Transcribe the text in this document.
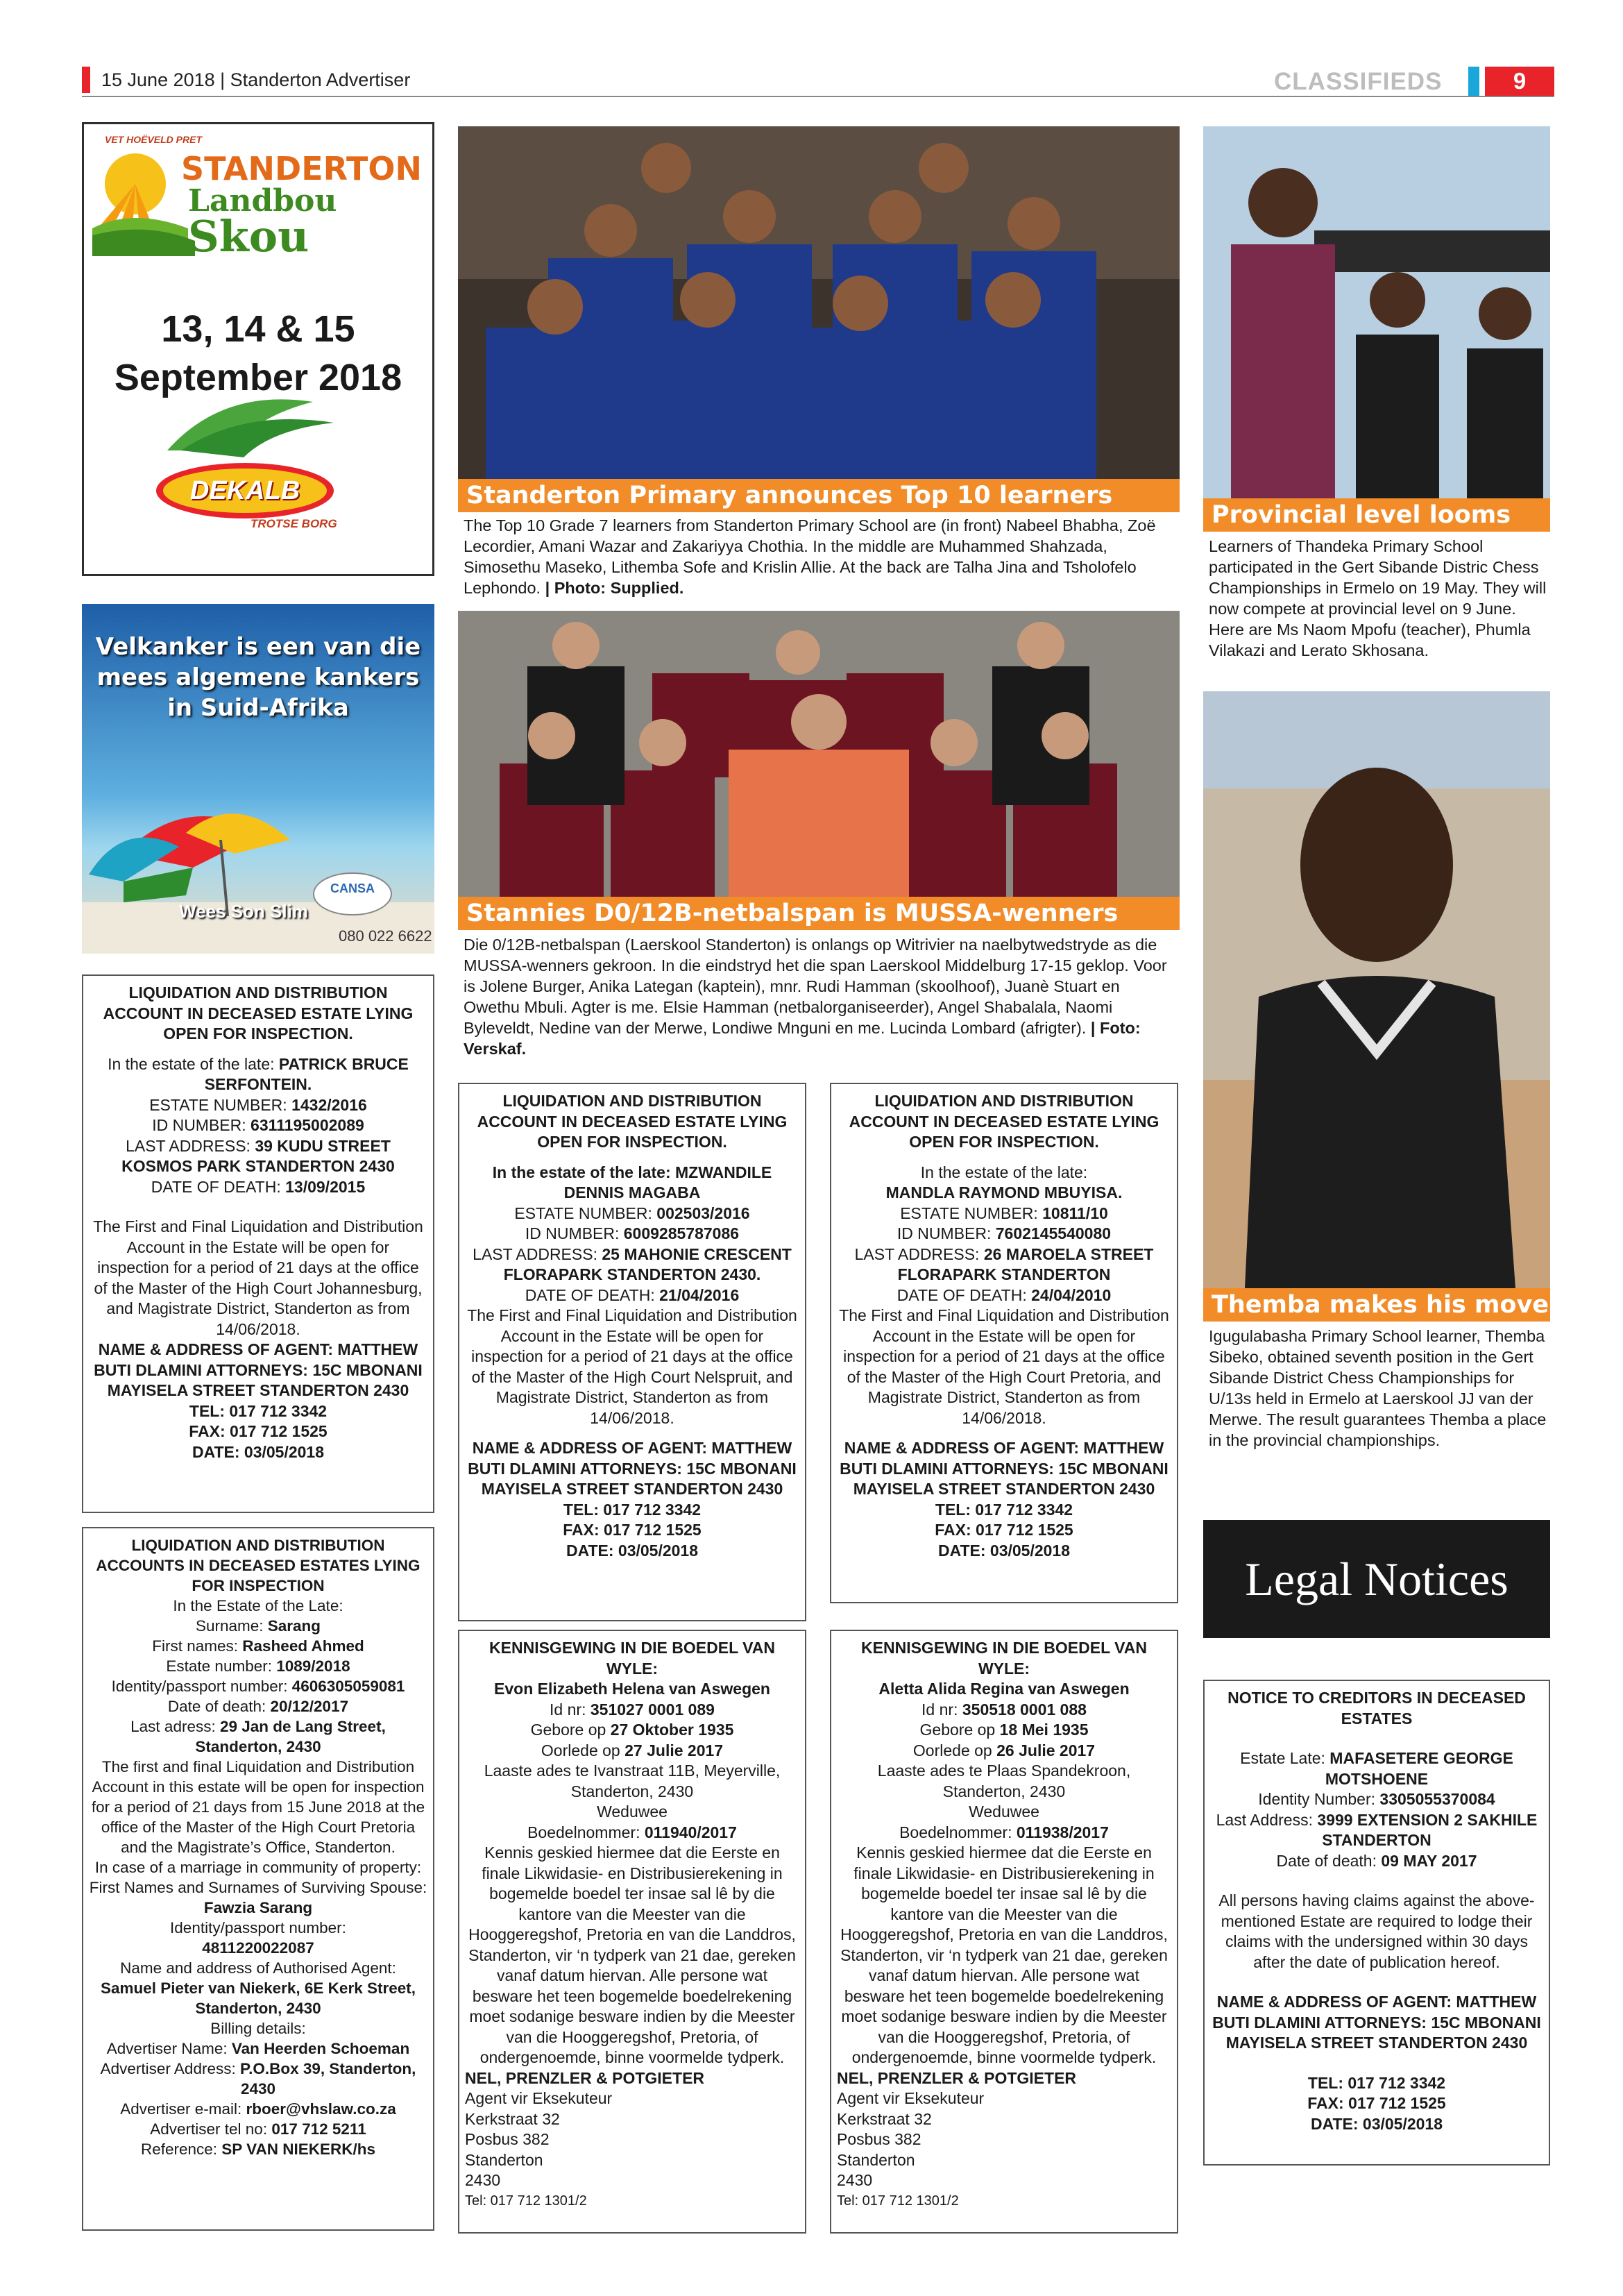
15 June 2018 | Standerton Advertiser	CLASSIFIEDS	9
VET HOËVELD PRET
STANDERTON
Landbou
Skou
13, 14 & 15
September 2018
DEKALB
TROTSE BORG
Velkanker is een van die mees algemene kankers in Suid-Afrika
Wees Son Slim
CANSA
080 022 6622
Standerton Primary announces Top 10 learners
The Top 10 Grade 7 learners from Standerton Primary School are (in front) Nabeel Bhabha, Zoë Lecordier, Amani Wazar and Zakariyya Chothia. In the middle are Muhammed Shahzada, Simosethu Maseko, Lithemba Sofe and Krislin Allie. At the back are Talha Jina and Tsholofelo Lephondo. | Photo: Supplied.
Stannies D0/12B-netbalspan is MUSSA-wenners
Die 0/12B-netbalspan (Laerskool Standerton) is onlangs op Witrivier na naelbytwedstryde as die MUSSA-wenners gekroon. In die eindstryd het die span Laerskool Middelburg 17-15 geklop. Voor is Jolene Burger, Anika Lategan (kaptein), mnr. Rudi Hamman (skoolhoof), Juanè Stuart en Owethu Mbuli. Agter is me. Elsie Hamman (netbalorganiseerder), Angel Shabalala, Naomi Byleveldt, Nedine van der Merwe, Londiwe Mnguni en me. Lucinda Lombard (afrigter). | Foto: Verskaf.
Provincial level looms
Learners of Thandeka Primary School participated in the Gert Sibande Distric Chess Championships in Ermelo on 19 May. They will now compete at provincial level on 9 June. Here are Ms Naom Mpofu (teacher), Phumla Vilakazi and Lerato Skhosana.
Themba makes his move
Igugulabasha Primary School learner, Themba Sibeko, obtained seventh position in the Gert Sibande District Chess Championships for U/13s held in Ermelo at Laerskool JJ van der Merwe. The result guarantees Themba a place in the provincial championships.
Legal Notices
LIQUIDATION AND DISTRIBUTION ACCOUNT IN DECEASED ESTATE LYING OPEN FOR INSPECTION.
In the estate of the late: PATRICK BRUCE SERFONTEIN.
ESTATE NUMBER: 1432/2016
ID NUMBER: 6311195002089
LAST ADDRESS: 39 KUDU STREET KOSMOS PARK STANDERTON 2430
DATE OF DEATH: 13/09/2015
The First and Final Liquidation and Distribution Account in the Estate will be open for inspection for a period of 21 days at the office of the Master of the High Court Johannesburg, and Magistrate District, Standerton as from 14/06/2018.
NAME & ADDRESS OF AGENT: MATTHEW BUTI DLAMINI ATTORNEYS: 15C MBONANI MAYISELA STREET STANDERTON 2430
TEL: 017 712 3342
FAX: 017 712 1525
DATE: 03/05/2018
LIQUIDATION AND DISTRIBUTION ACCOUNTS IN DECEASED ESTATES LYING FOR INSPECTION
In the Estate of the Late:
Surname: Sarang
First names: Rasheed Ahmed
Estate number: 1089/2018
Identity/passport number: 4606305059081
Date of death: 20/12/2017
Last adress: 29 Jan de Lang Street, Standerton, 2430
The first and final Liquidation and Distribution Account in this estate will be open for inspection for a period of 21 days from 15 June 2018 at the office of the Master of the High Court Pretoria and the Magistrate’s Office, Standerton.
In case of a marriage in community of property:
First Names and Surnames of Surviving Spouse: Fawzia Sarang
Identity/passport number:
4811220022087
Name and address of Authorised Agent:
Samuel Pieter van Niekerk, 6E Kerk Street, Standerton, 2430
Billing details:
Advertiser Name: Van Heerden Schoeman
Advertiser Address: P.O.Box 39, Standerton, 2430
Advertiser e-mail: rboer@vhslaw.co.za
Advertiser tel no: 017 712 5211
Reference: SP VAN NIEKERK/hs
LIQUIDATION AND DISTRIBUTION ACCOUNT IN DECEASED ESTATE LYING OPEN FOR INSPECTION.
In the estate of the late: MZWANDILE DENNIS MAGABA
ESTATE NUMBER: 002503/2016
ID NUMBER: 6009285787086
LAST ADDRESS: 25 MAHONIE CRESCENT FLORAPARK STANDERTON 2430.
DATE OF DEATH: 21/04/2016
The First and Final Liquidation and Distribution Account in the Estate will be open for inspection for a period of 21 days at the office of the Master of the High Court Nelspruit, and Magistrate District, Standerton as from 14/06/2018.
NAME & ADDRESS OF AGENT: MATTHEW BUTI DLAMINI ATTORNEYS: 15C MBONANI MAYISELA STREET STANDERTON 2430
TEL: 017 712 3342
FAX: 017 712 1525
DATE: 03/05/2018
LIQUIDATION AND DISTRIBUTION ACCOUNT IN DECEASED ESTATE LYING OPEN FOR INSPECTION.
In the estate of the late:
MANDLA RAYMOND MBUYISA.
ESTATE NUMBER: 10811/10
ID NUMBER: 7602145540080
LAST ADDRESS: 26 MAROELA STREET FLORAPARK STANDERTON
DATE OF DEATH: 24/04/2010
The First and Final Liquidation and Distribution Account in the Estate will be open for inspection for a period of 21 days at the office of the Master of the High Court Pretoria, and Magistrate District, Standerton as from 14/06/2018.
NAME & ADDRESS OF AGENT: MATTHEW BUTI DLAMINI ATTORNEYS: 15C MBONANI MAYISELA STREET STANDERTON 2430
TEL: 017 712 3342
FAX: 017 712 1525
DATE: 03/05/2018
KENNISGEWING IN DIE BOEDEL VAN WYLE:
Evon Elizabeth Helena van Aswegen
Id nr: 351027 0001 089
Gebore op 27 Oktober 1935
Oorlede op 27 Julie 2017
Laaste ades te Ivanstraat 11B, Meyerville, Standerton, 2430
Weduwee
Boedelnommer: 011940/2017
Kennis geskied hiermee dat die Eerste en finale Likwidasie- en Distribusierekening in bogemelde boedel ter insae sal lê by die kantore van die Meester van die Hooggeregshof, Pretoria en van die Landdros, Standerton, vir ‘n tydperk van 21 dae, gereken vanaf datum hiervan. Alle persone wat besware het teen bogemelde boedelrekening moet sodanige besware indien by die Meester van die Hooggeregshof, Pretoria, of ondergenoemde, binne voormelde tydperk.
NEL, PRENZLER & POTGIETER
Agent vir Eksekuteur
Kerkstraat 32
Posbus 382
Standerton
2430
Tel: 017 712 1301/2
KENNISGEWING IN DIE BOEDEL VAN WYLE:
Aletta Alida Regina van Aswegen
Id nr: 350518 0001 088
Gebore op 18 Mei 1935
Oorlede op 26 Julie 2017
Laaste ades te Plaas Spandekroon, Standerton, 2430
Weduwee
Boedelnommer: 011938/2017
Kennis geskied hiermee dat die Eerste en finale Likwidasie- en Distribusierekening in bogemelde boedel ter insae sal lê by die kantore van die Meester van die Hooggeregshof, Pretoria en van die Landdros, Standerton, vir ‘n tydperk van 21 dae, gereken vanaf datum hiervan. Alle persone wat besware het teen bogemelde boedelrekening moet sodanige besware indien by die Meester van die Hooggeregshof, Pretoria, of ondergenoemde, binne voormelde tydperk.
NEL, PRENZLER & POTGIETER
Agent vir Eksekuteur
Kerkstraat 32
Posbus 382
Standerton
2430
Tel: 017 712 1301/2
NOTICE TO CREDITORS IN DECEASED ESTATES
Estate Late: MAFASETERE GEORGE MOTSHOENE
Identity Number: 3305055370084
Last Address: 3999 EXTENSION 2 SAKHILE STANDERTON
Date of death: 09 MAY 2017
All persons having claims against the above-mentioned Estate are required to lodge their claims with the undersigned within 30 days after the date of publication hereof.
NAME & ADDRESS OF AGENT: MATTHEW BUTI DLAMINI ATTORNEYS: 15C MBONANI MAYISELA STREET STANDERTON 2430
TEL: 017 712 3342
FAX: 017 712 1525
DATE: 03/05/2018
